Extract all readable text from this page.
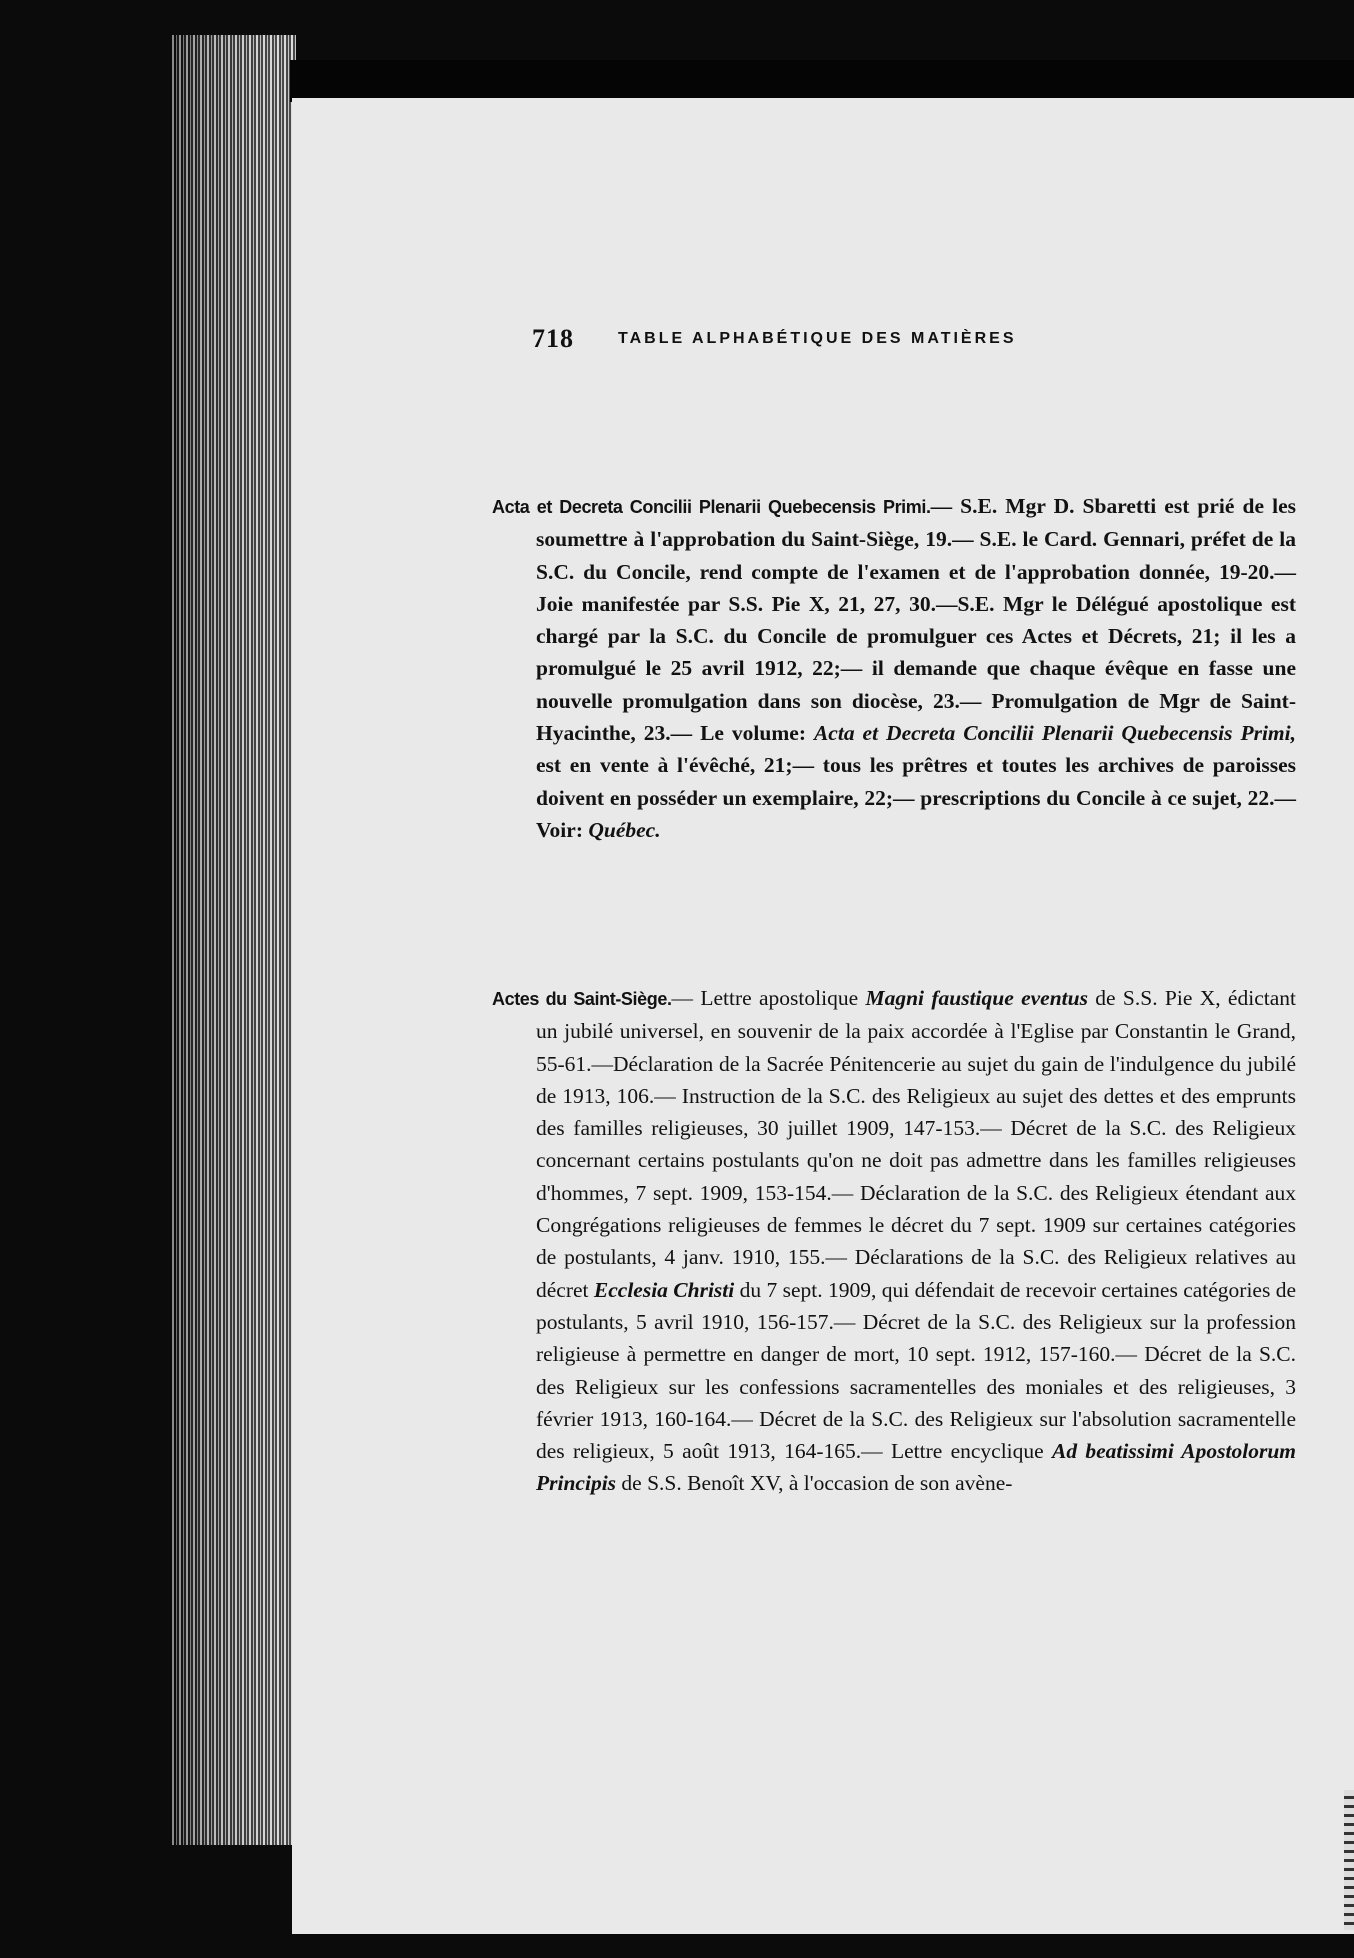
718	TABLE ALPHABÉTIQUE DES MATIÈRES
Acta et Decreta Concilii Plenarii Quebecensis Primi.— S.E. Mgr D. Sbaretti est prié de les soumettre à l'approbation du Saint-Siège, 19.— S.E. le Card. Gennari, préfet de la S.C. du Concile, rend compte de l'examen et de l'approbation donnée, 19-20.— Joie manifestée par S.S. Pie X, 21, 27, 30.—S.E. Mgr le Délégué apostolique est chargé par la S.C. du Concile de promulguer ces Actes et Décrets, 21; il les a promulgué le 25 avril 1912, 22;— il demande que chaque évêque en fasse une nouvelle promulgation dans son diocèse, 23.— Promulgation de Mgr de Saint-Hyacinthe, 23.— Le volume: Acta et Decreta Concilii Plenarii Quebecensis Primi, est en vente à l'évêché, 21;— tous les prêtres et toutes les archives de paroisses doivent en posséder un exemplaire, 22;— prescriptions du Concile à ce sujet, 22.— Voir: Québec.
Actes du Saint-Siège.— Lettre apostolique Magni faustique eventus de S.S. Pie X, édictant un jubilé universel, en souvenir de la paix accordée à l'Eglise par Constantin le Grand, 55-61.—Déclaration de la Sacrée Pénitencerie au sujet du gain de l'indulgence du jubilé de 1913, 106.— Instruction de la S.C. des Religieux au sujet des dettes et des emprunts des familles religieuses, 30 juillet 1909, 147-153.— Décret de la S.C. des Religieux concernant certains postulants qu'on ne doit pas admettre dans les familles religieuses d'hommes, 7 sept. 1909, 153-154.— Déclaration de la S.C. des Religieux étendant aux Congrégations religieuses de femmes le décret du 7 sept. 1909 sur certaines catégories de postulants, 4 janv. 1910, 155.— Déclarations de la S.C. des Religieux relatives au décret Ecclesia Christi du 7 sept. 1909, qui défendait de recevoir certaines catégories de postulants, 5 avril 1910, 156-157.— Décret de la S.C. des Religieux sur la profession religieuse à permettre en danger de mort, 10 sept. 1912, 157-160.— Décret de la S.C. des Religieux sur les confessions sacramentelles des moniales et des religieuses, 3 février 1913, 160-164.— Décret de la S.C. des Religieux sur l'absolution sacramentelle des religieux, 5 août 1913, 164-165.— Lettre encyclique Ad beatissimi Apostolorum Principis de S.S. Benoît XV, à l'occasion de son avène-
